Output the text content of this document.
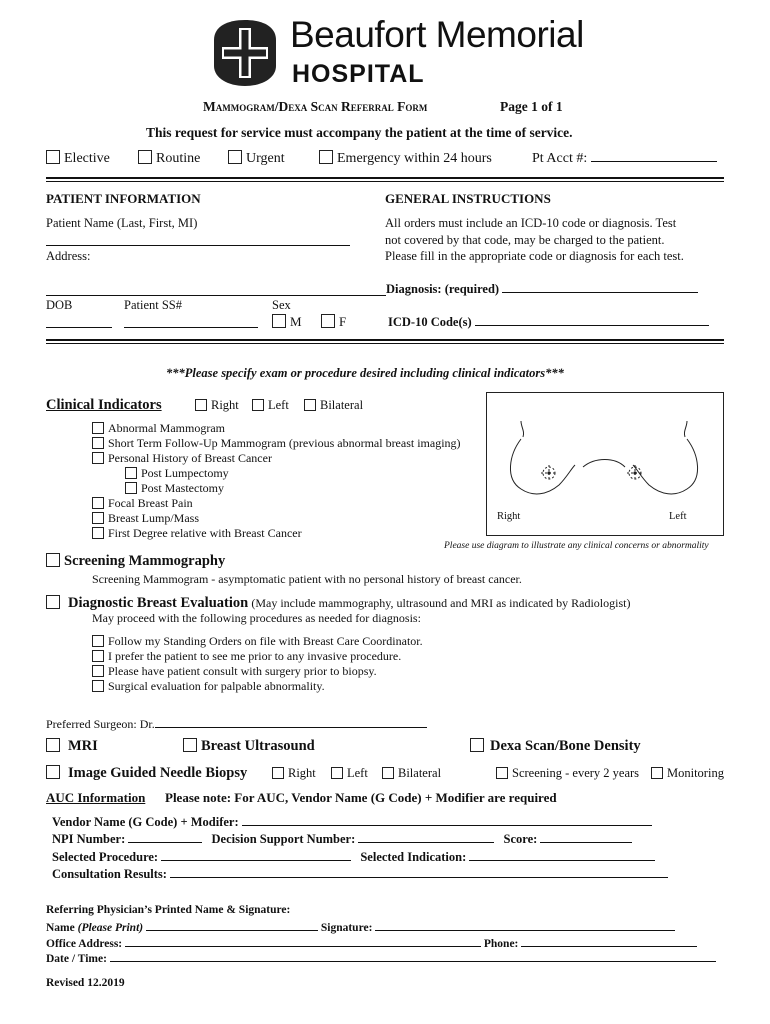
Beaufort Memorial
HOSPITAL
Mammogram/Dexa Scan Referral Form	Page 1 of 1
This request for service must accompany the patient at the time of service.
Elective	Routine	Urgent	Emergency within 24 hours	Pt Acct #:
PATIENT INFORMATION
Patient Name (Last, First, MI)
Address:
DOB	Patient SS#	Sex
M	F
GENERAL INSTRUCTIONS
All orders must include an ICD-10 code or diagnosis. Test
not covered by that code, may be charged to the patient.
Please fill in the appropriate code or diagnosis for each test.
Diagnosis: (required)
ICD-10 Code(s)
***Please specify exam or procedure desired including clinical indicators***
Clinical Indicators	Right	Left	Bilateral
Abnormal Mammogram
Short Term Follow-Up Mammogram (previous abnormal breast imaging)
Personal History of Breast Cancer
Post Lumpectomy
Post Mastectomy
Focal Breast Pain
Breast Lump/Mass
First Degree relative with Breast Cancer
Right	Left
Please use diagram to illustrate any clinical concerns or abnormality
Screening Mammography
Screening Mammogram - asymptomatic patient with no personal history of breast cancer.
Diagnostic Breast Evaluation (May include mammography, ultrasound and MRI as indicated by Radiologist)
May proceed with the following procedures as needed for diagnosis:
Follow my Standing Orders on file with Breast Care Coordinator.
I prefer the patient to see me prior to any invasive procedure.
Please have patient consult with surgery prior to biopsy.
Surgical evaluation for palpable abnormality.
Preferred Surgeon: Dr.
MRI	Breast Ultrasound	Dexa Scan/Bone Density
Image Guided Needle Biopsy	Right	Left	Bilateral	Screening - every 2 years	Monitoring
AUC Information Please note: For AUC, Vendor Name (G Code) + Modifier are required
Vendor Name (G Code) + Modifer:
NPI Number:	Decision Support Number:	Score:
Selected Procedure:	Selected Indication:
Consultation Results:
Referring Physician’s Printed Name & Signature:
Name (Please Print)	Signature:
Office Address:	Phone:
Date / Time:
Revised 12.2019
